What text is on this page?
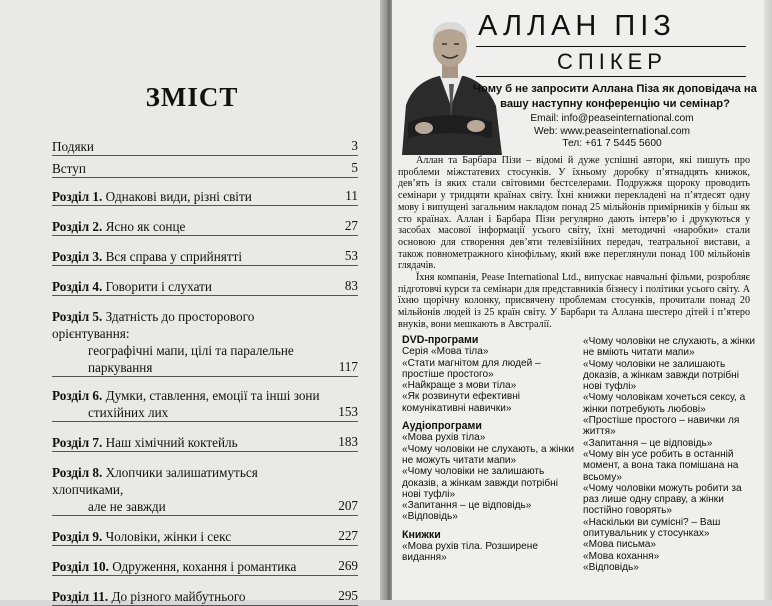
ЗМІСТ
Подяки	3
Вступ	5
Розділ 1. Однакові види, різні світи	11
Розділ 2. Ясно як сонце	27
Розділ 3. Вся справа у сприйнятті	53
Розділ 4. Говорити і слухати	83
Розділ 5. Здатність до просторового орієнтування:
географічні мапи, цілі та паралельне
паркування	117
Розділ 6. Думки, ставлення, емоції та інші зони
стихійних лих	153
Розділ 7. Наш хімічний коктейль	183
Розділ 8. Хлопчики залишатимуться хлопчиками,
але не завжди	207
Розділ 9. Чоловіки, жінки і секс	227
Розділ 10. Одруження, кохання і романтика	269
Розділ 11. До різного майбутнього	295
АЛЛАН ПІЗ
СПІКЕР
Чому б не запросити Аллана Піза як доповідача на вашу наступну конференцію чи семінар?
Email: info@peaseinternational.com
Web: www.peaseinternational.com
Тел: +61 7 5445 5600

Аллан та Барбара Пізи – відомі й дуже успішні автори, які пишуть про проблеми міжстатевих стосунків. У їхньому доробку п’ятнадцять книжок, дев’ять із яких стали світовими бестселерами. Подружжя щороку проводить семінари у тридцяти країнах світу. Їхні книжки перекладені на п’ятдесят одну мову і випущені загальним накладом понад 25 мільйонів примірників у більш як сто країнах. Аллан і Барбара Пізи регулярно дають інтерв’ю і друкуються у засобах масової інформації усього світу, їхні методичні «наробки» стали основою для створення дев’яти телевізійних передач, театральної вистави, а також повнометражного кінофільму, який вже переглянули понад 100 мільйонів глядачів.

Їхня компанія, Pease International Ltd., випускає навчальні фільми, розробляє підготовчі курси та семінари для представників бізнесу і політики усього світу. А їхню щорічну колонку, присвячену проблемам стосунків, прочитали понад 20 мільйонів людей із 25 країн світу. У Барбари та Аллана шестеро дітей і п’ятеро внуків, вони мешкають в Австралії.

DVD-програми
Серія «Мова тіла»
«Стати магнітом для людей – простіше простого»
«Найкраще з мови тіла»
«Як розвинути ефективні комунікативні навички»
Аудіопрограми
«Мова рухів тіла»
«Чому чоловіки не слухають, а жінки не можуть читати мапи»
«Чому чоловіки не залишають доказів, а жінкам завжди потрібні нові туфлі»
«Запитання – це відповідь»
«Відповідь»
Книжки
«Мова рухів тіла. Розширене видання»
«Чому чоловіки не слухають, а жінки не вміють читати мапи»
«Чому чоловіки не залишають доказів, а жінкам завжди потрібні нові туфлі»
«Чому чоловікам хочеться сексу, а жінки потребують любові»
«Простіше простого – навички ля життя»
«Запитання – це відповідь»
«Чому він усе робить в останній момент, а вона така помішана на всьому»
«Чому чоловіки можуть робити за раз лише одну справу, а жінки постійно говорять»
«Наскільки ви сумісні? – Ваш опитувальник у стосунках»
«Мова письма»
«Мова кохання»
«Відповідь»
